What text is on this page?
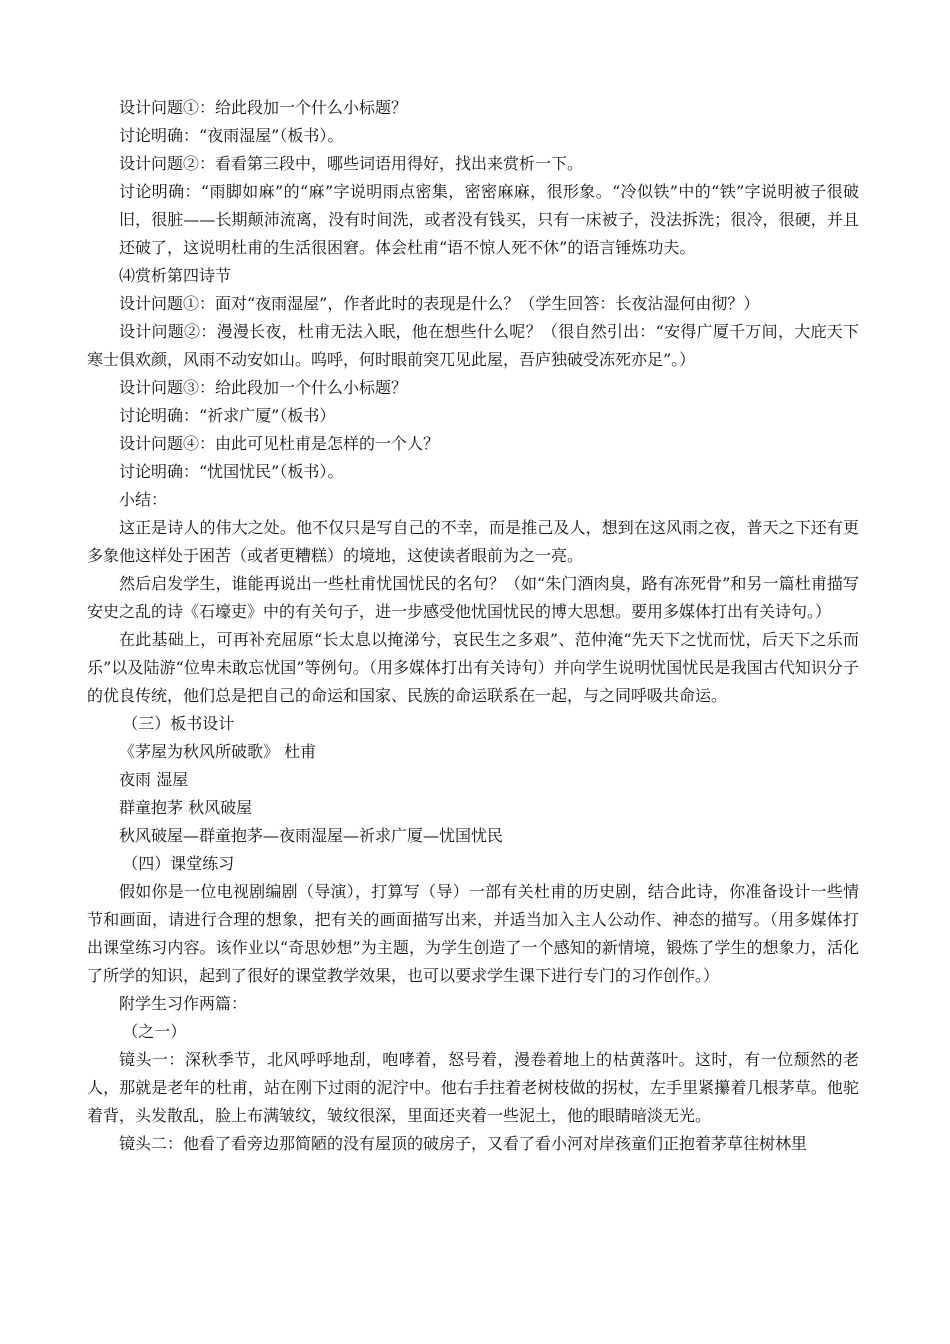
设计问题①：给此段加一个什么小标题？

讨论明确：“夜雨湿屋”（板书）。

设计问题②：看看第三段中，哪些词语用得好，找出来赏析一下。

讨论明确：“雨脚如麻”的“麻”字说明雨点密集，密密麻麻，很形象。“冷似铁”中的“铁”字说明被子很破旧，很脏——长期颠沛流离，没有时间洗，或者没有钱买，只有一床被子，没法拆洗；很冷，很硬，并且还破了，这说明杜甫的生活很困窘。体会杜甫“语不惊人死不休”的语言锤炼功夫。

⑷赏析第四诗节

设计问题①：面对“夜雨湿屋”，作者此时的表现是什么？（学生回答：长夜沾湿何由彻？）

设计问题②：漫漫长夜，杜甫无法入眠，他在想些什么呢？（很自然引出：“安得广厦千万间，大庇天下寒士俱欢颜，风雨不动安如山。呜呼，何时眼前突兀见此屋，吾庐独破受冻死亦足”。）

设计问题③：给此段加一个什么小标题？

讨论明确：“祈求广厦”（板书）

设计问题④：由此可见杜甫是怎样的一个人？

讨论明确：“忧国忧民”（板书）。

小结：

这正是诗人的伟大之处。他不仅只是写自己的不幸，而是推己及人，想到在这风雨之夜，普天之下还有更多象他这样处于困苦（或者更糟糕）的境地，这使读者眼前为之一亮。

然后启发学生，谁能再说出一些杜甫忧国忧民的名句？（如“朱门酒肉臭，路有冻死骨”和另一篇杜甫描写安史之乱的诗《石壕吏》中的有关句子，进一步感受他忧国忧民的博大思想。要用多媒体打出有关诗句。）

在此基础上，可再补充屈原“长太息以掩涕兮，哀民生之多艰”、范仲淹“先天下之忧而忧，后天下之乐而乐”以及陆游“位卑未敢忘忧国”等例句。（用多媒体打出有关诗句）并向学生说明忧国忧民是我国古代知识分子的优良传统，他们总是把自己的命运和国家、民族的命运联系在一起，与之同呼吸共命运。

（三）板书设计

《茅屋为秋风所破歌》 杜甫

夜雨 湿屋

群童抱茅 秋风破屋

秋风破屋—群童抱茅—夜雨湿屋—祈求广厦—忧国忧民

（四）课堂练习

假如你是一位电视剧编剧（导演），打算写（导）一部有关杜甫的历史剧，结合此诗，你准备设计一些情节和画面，请进行合理的想象，把有关的画面描写出来，并适当加入主人公动作、神态的描写。（用多媒体打出课堂练习内容。该作业以“奇思妙想”为主题，为学生创造了一个感知的新情境，锻炼了学生的想象力，活化了所学的知识，起到了很好的课堂教学效果，也可以要求学生课下进行专门的习作创作。）

附学生习作两篇：

（之一）

镜头一：深秋季节，北风呼呼地刮，咆哮着，怒号着，漫卷着地上的枯黄落叶。这时，有一位颓然的老人，那就是老年的杜甫，站在刚下过雨的泥泞中。他右手拄着老树枝做的拐杖，左手里紧攥着几根茅草。他驼着背，头发散乱，脸上布满皱纹，皱纹很深，里面还夹着一些泥土，他的眼睛暗淡无光。

镜头二：他看了看旁边那简陋的没有屋顶的破房子，又看了看小河对岸孩童们正抱着茅草往树林里
